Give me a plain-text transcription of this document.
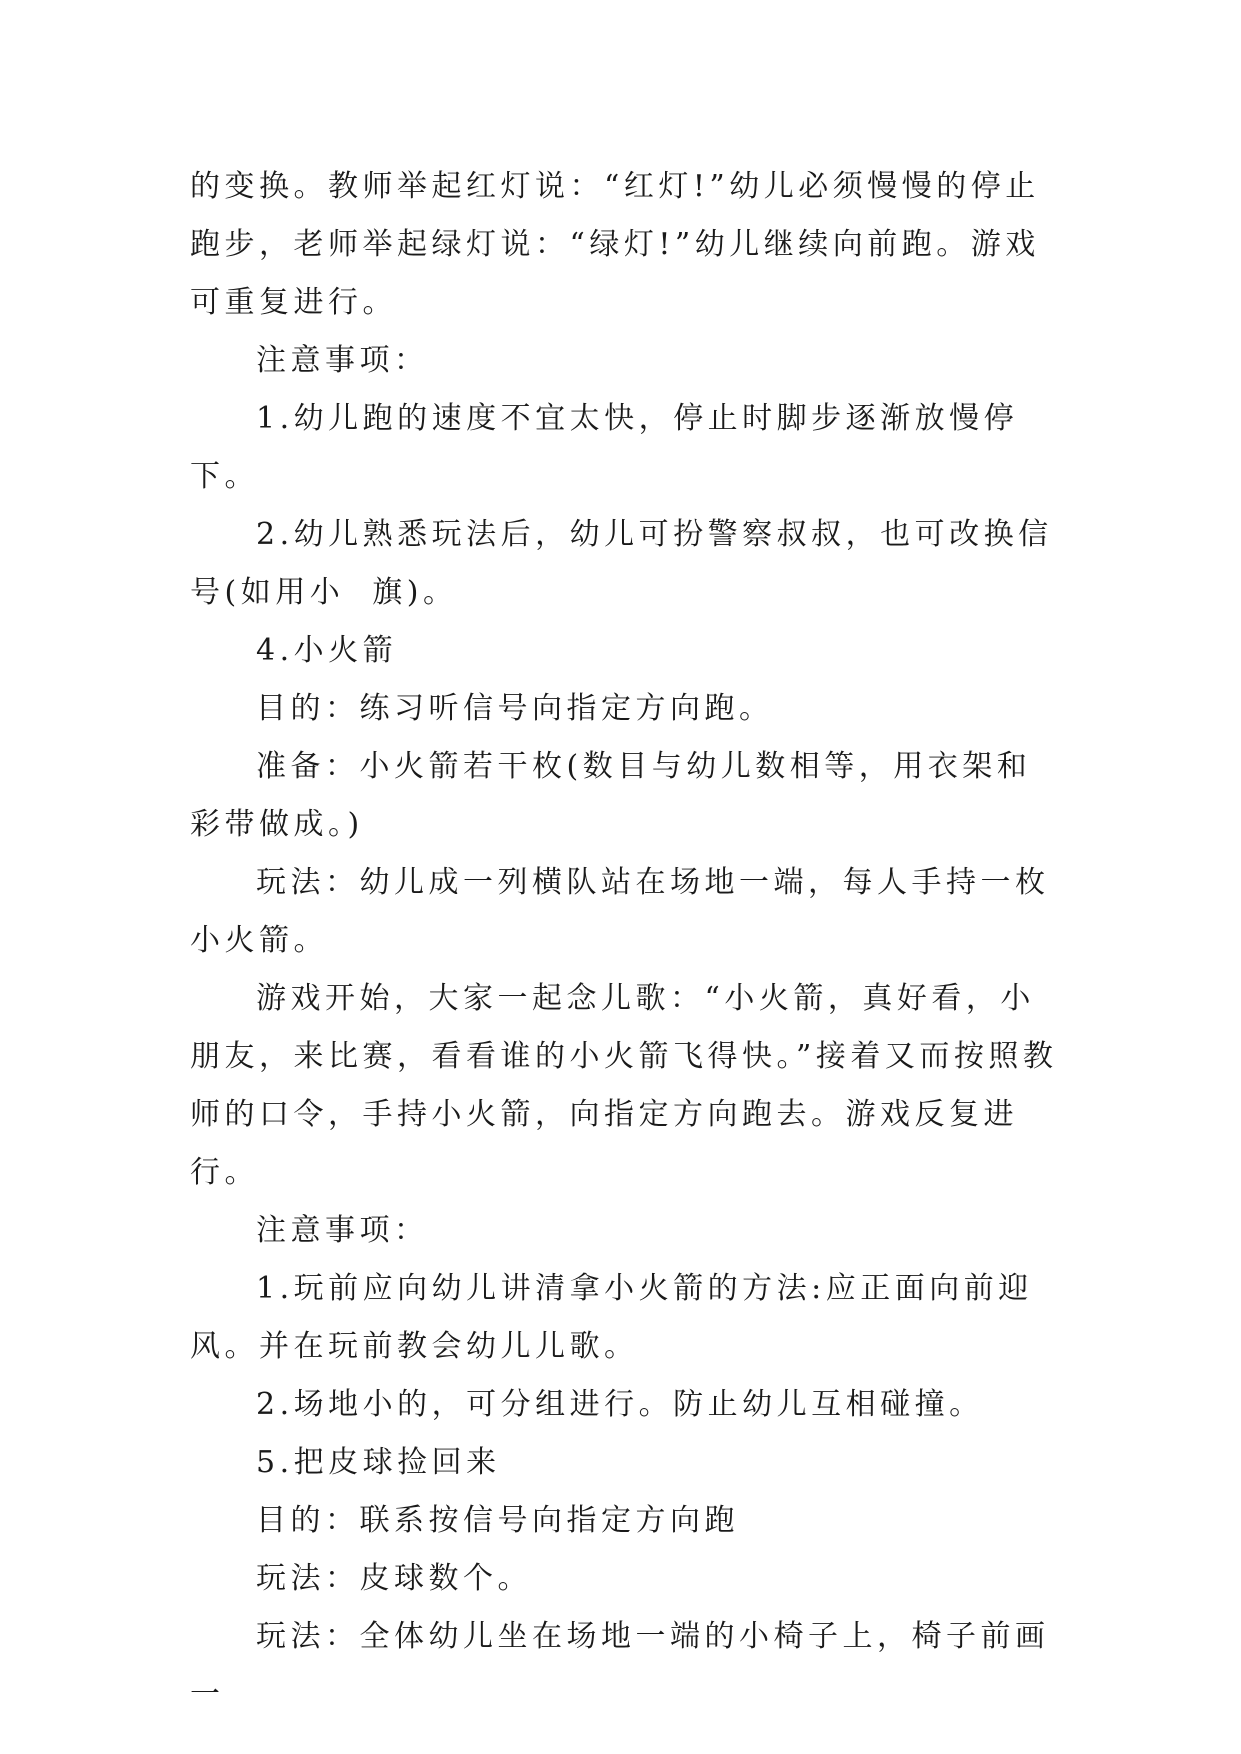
的变换。教师举起红灯说：“红灯!”幼儿必须慢慢的停止跑步，老师举起绿灯说：“绿灯!”幼儿继续向前跑。游戏可重复进行。

注意事项：

1.幼儿跑的速度不宜太快，停止时脚步逐渐放慢停下。

2.幼儿熟悉玩法后，幼儿可扮警察叔叔，也可改换信号(如用小  旗)。

4.小火箭

目的：练习听信号向指定方向跑。

准备：小火箭若干枚(数目与幼儿数相等，用衣架和彩带做成。)

玩法：幼儿成一列横队站在场地一端，每人手持一枚小火箭。

游戏开始，大家一起念儿歌：“小火箭，真好看，小朋友，来比赛，看看谁的小火箭飞得快。”接着又而按照教师的口令，手持小火箭，向指定方向跑去。游戏反复进行。

注意事项：

1.玩前应向幼儿讲清拿小火箭的方法:应正面向前迎风。并在玩前教会幼儿儿歌。

2.场地小的，可分组进行。防止幼儿互相碰撞。

5.把皮球捡回来

目的：联系按信号向指定方向跑

玩法：皮球数个。

玩法：全体幼儿坐在场地一端的小椅子上，椅子前画一
